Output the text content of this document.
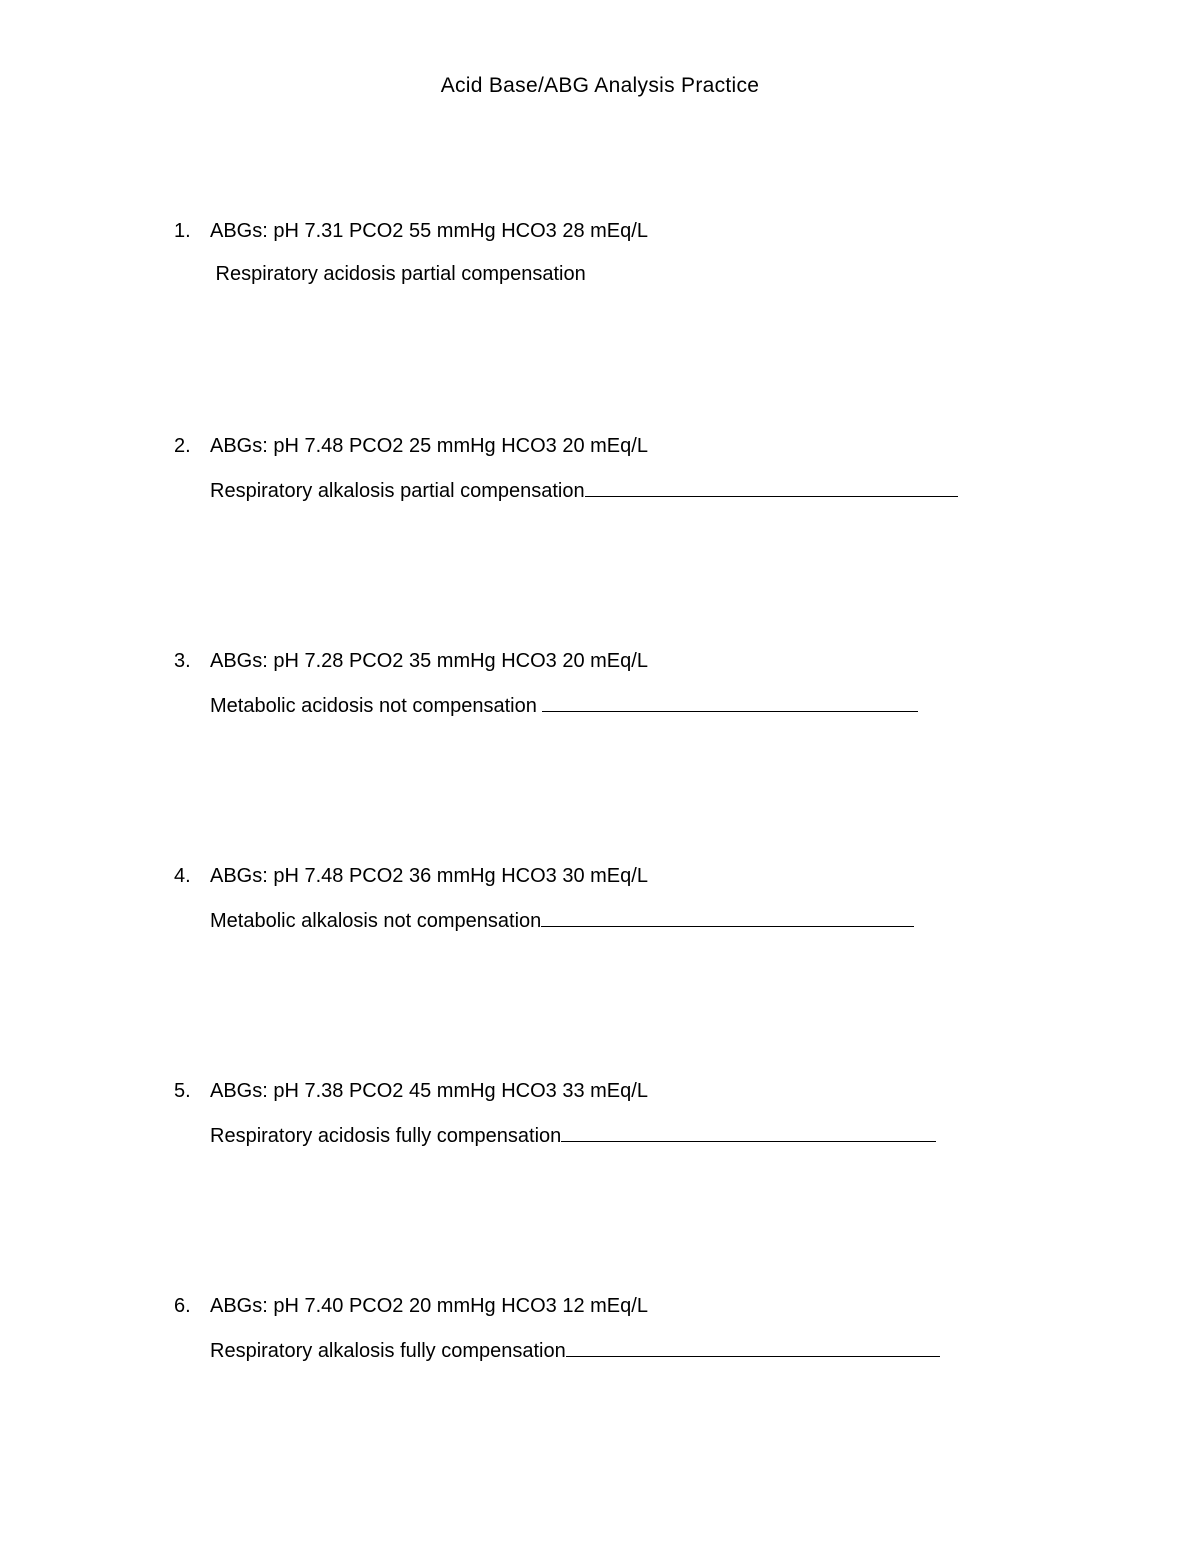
Acid Base/ABG Analysis Practice
1. ABGs: pH 7.31 PCO2 55 mmHg HCO3 28 mEq/L
Respiratory acidosis partial compensation
2. ABGs: pH 7.48 PCO2 25 mmHg HCO3 20 mEq/L
Respiratory alkalosis partial compensation
3. ABGs: pH 7.28 PCO2 35 mmHg HCO3 20 mEq/L
Metabolic acidosis not compensation
4. ABGs: pH 7.48 PCO2 36 mmHg HCO3 30 mEq/L
Metabolic alkalosis not compensation
5. ABGs: pH 7.38 PCO2 45 mmHg HCO3 33 mEq/L
Respiratory acidosis fully compensation
6. ABGs: pH 7.40 PCO2 20 mmHg HCO3 12 mEq/L
Respiratory alkalosis fully compensation
